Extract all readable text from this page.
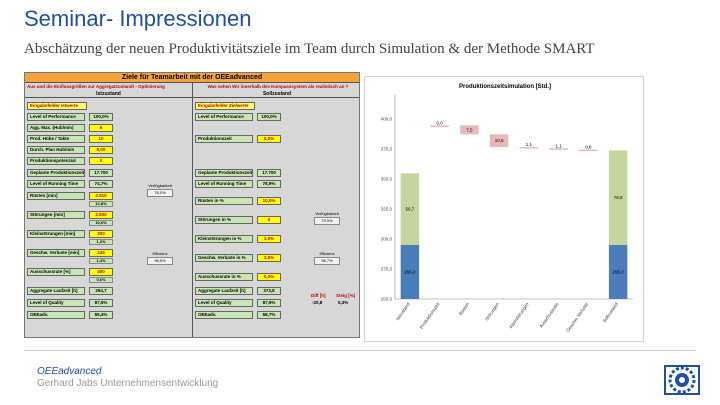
Seminar- Impressionen
Abschätzung der neuen Produktivitätsziele im Team durch Simulation & der Methode SMART
Ziele für Teamarbeit mit der OEEadvanced
Aus und die Einflussgrößen zur Aggregatzustand! - Optimierung	Was sehen Wir innerhalb des Kompasssystem als realistisch an ?
Istzustand	Sollzustand
Eingabefelder Istwerte	Eingabefelder Zielwerte
Level of Performance	100,0%
Agg. Max. (Hub/min)	6
Prod. Hübe / Takte	10
Durch. Plan Hub/min	9,00
Produktionspotenzial	0
Geplante Produktionszeit	17.700
Level of Running Time	74,7%
Rüsten [min]	2.910
12,8%
Störungen [min]	2.500
10,6%
Kleinstörungen [min]	300
1,3%
Geschw. Verluste [min]	245
1,4%
Ausschussrate [%]	400
0,6%
Aggregate Laufzeit [h]	294,7
Level of Quality	87,5%
OEEadv.	65,4%
Level of Performance	100,0%
Produktionszeit	0,0%
Geplante Produktionszeit	17.700
Level of Running Time	78,9%
Rüsten in %	10,0%
Störungen in %	0
Kleinstörungen in %	3,0%
Geschw. Verluste in %	3,0%
Ausschussrate in %	0,3%
Aggregate Laufzeit [h]	373,8
Level of Quality	87,9%
OEEadv.	68,7%
Verfügbarkeit
78,0%
Effizienz
98,5%
Verfügbarkeit
79,9%
Effizienz
96,7%
Diff [h] Steig [%]
-20,8	5,3%
Produktionszeitsimulation [Std.]
250,0
275,0
300,0
325,0
350,0
375,0
400,0
295,0
59,7
Istzustand
0,0
Produktionszeit
7,5
Rüsten
10,6
Störungen
1,1
Kleinstörungen
1,1
Ausschussrate
0,8
Geschw. Verluste
295,0
78,8
Sollzustand
OEEadvanced
Gerhard Jabs Unternehmensentwicklung
